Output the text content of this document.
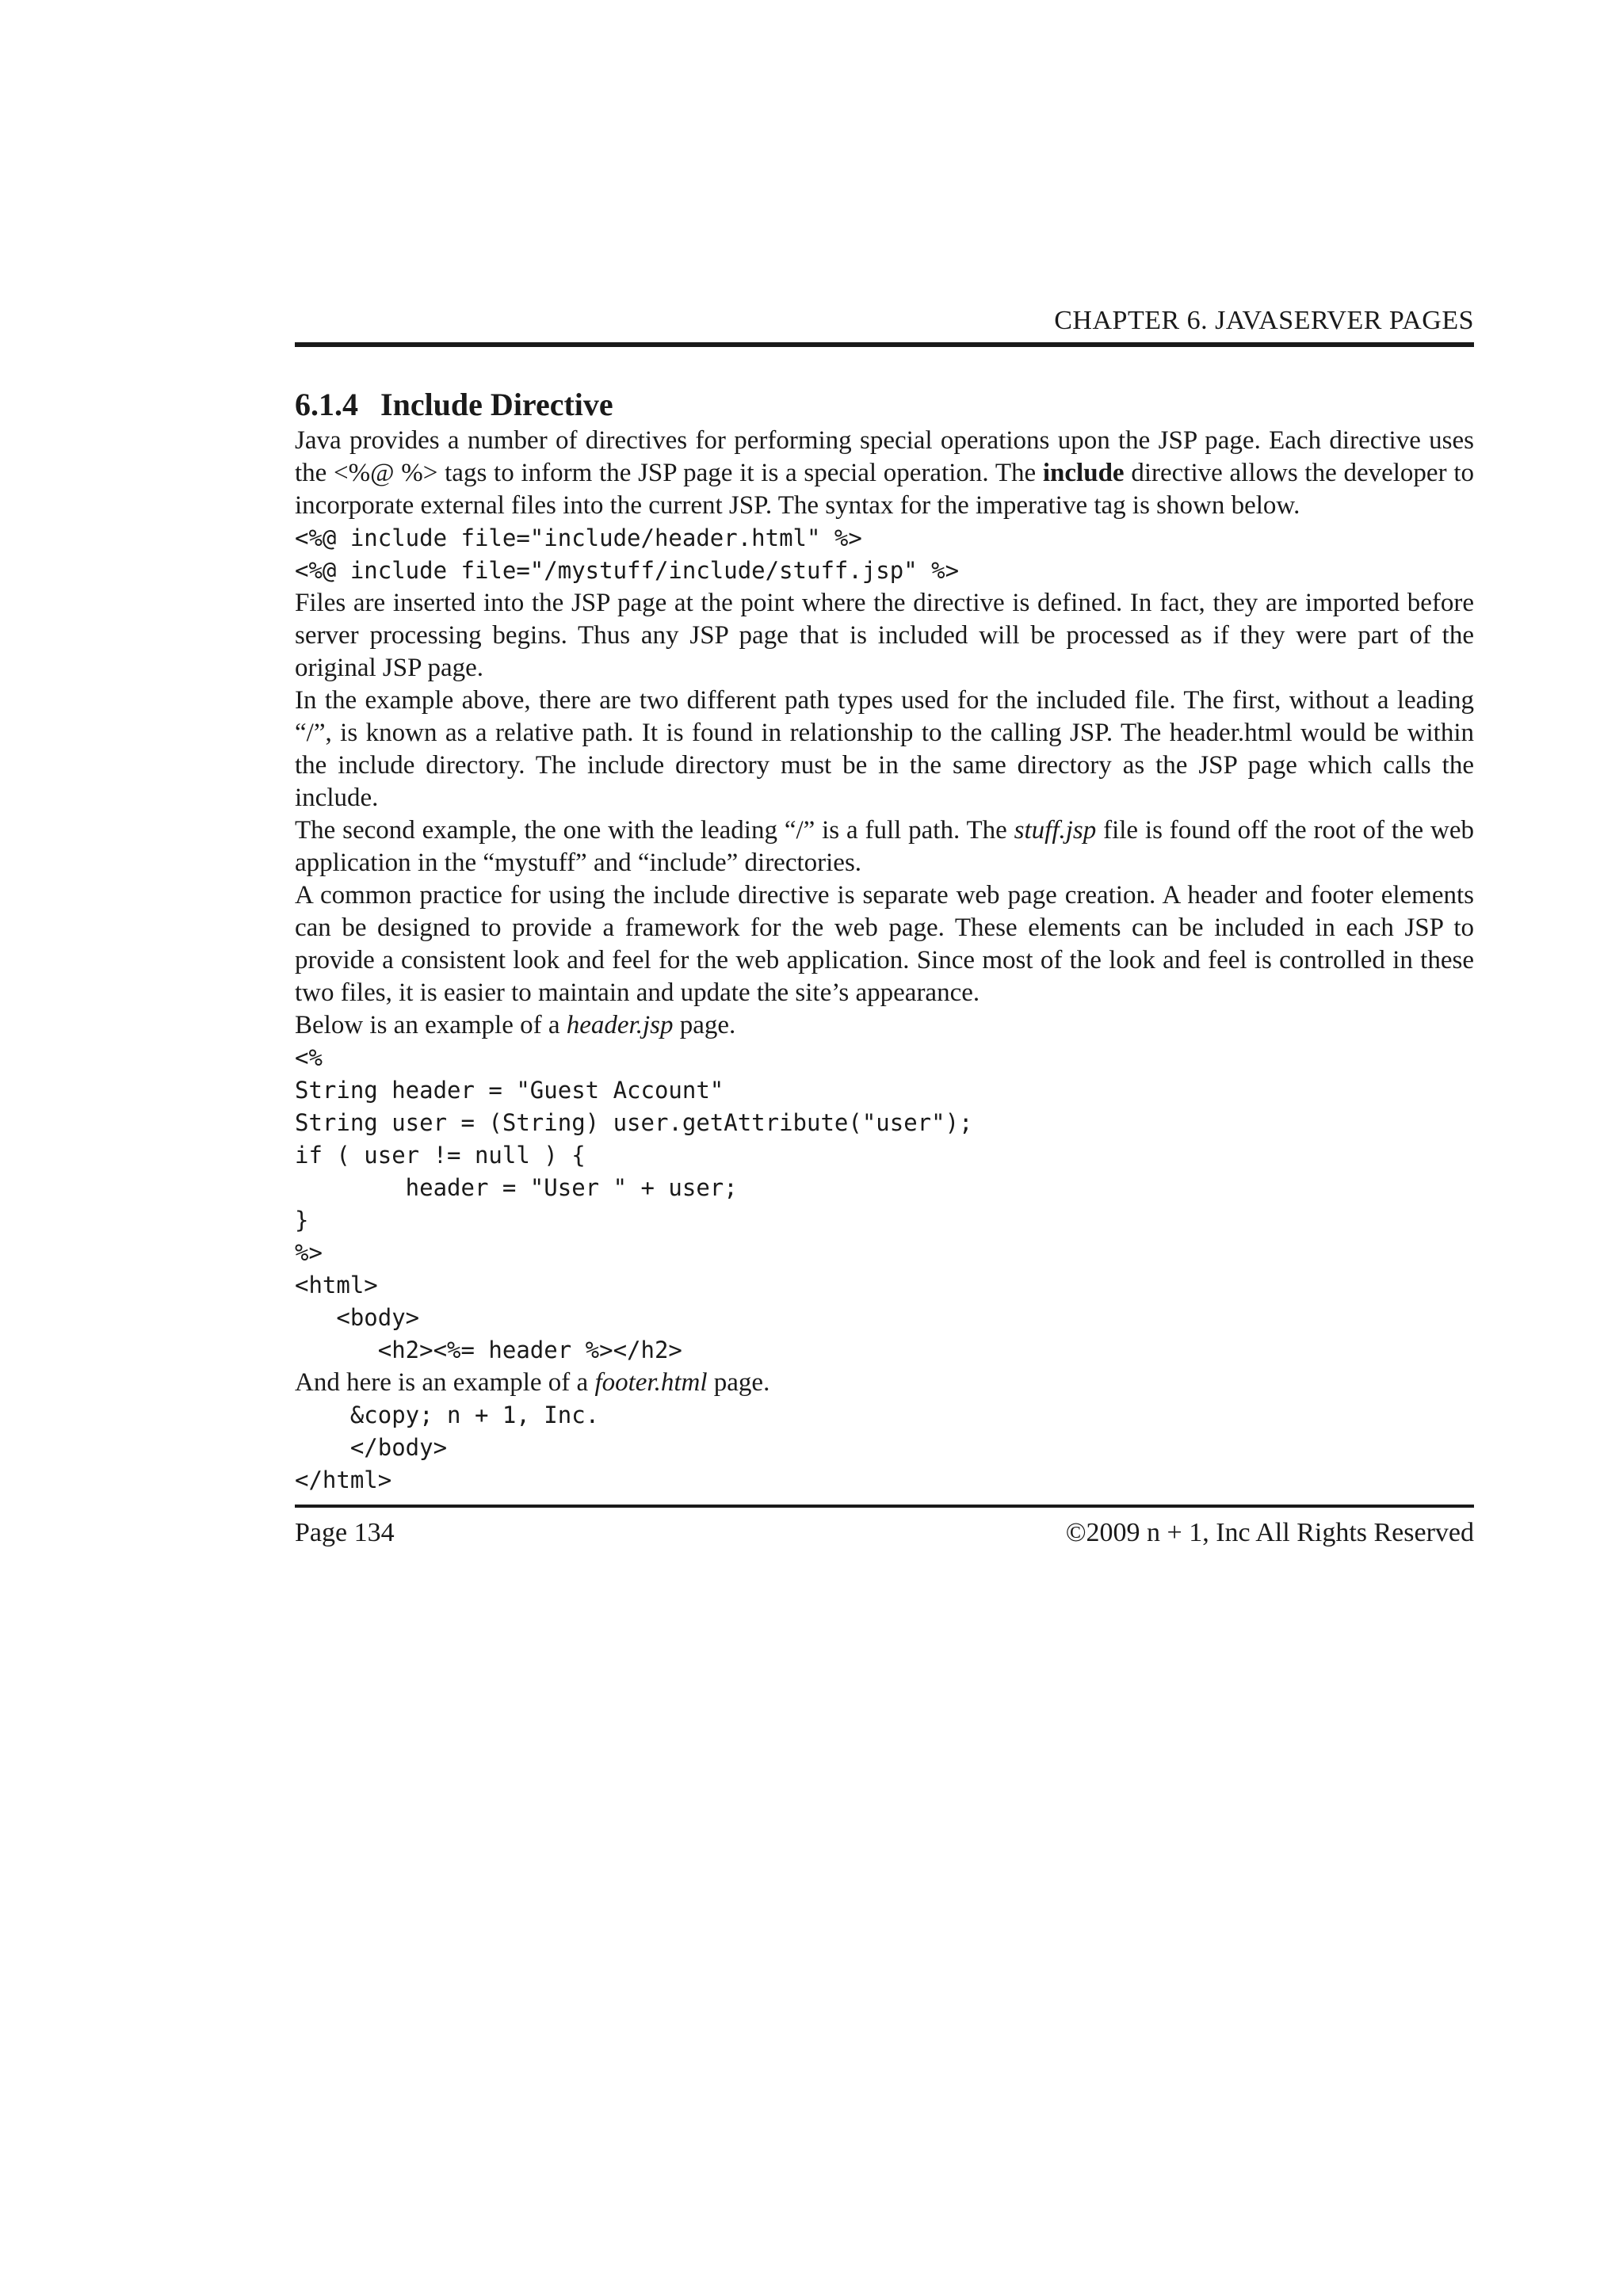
CHAPTER 6. JAVASERVER PAGES
6.1.4 Include Directive

Java provides a number of directives for performing special operations upon the JSP page. Each directive uses the <%@ %> tags to inform the JSP page it is a special operation. The include directive allows the developer to incorporate external files into the current JSP. The syntax for the imperative tag is shown below.

<%@ include file="include/header.html" %>
<%@ include file="/mystuff/include/stuff.jsp" %>

Files are inserted into the JSP page at the point where the directive is defined. In fact, they are imported before server processing begins. Thus any JSP page that is included will be processed as if they were part of the original JSP page.

In the example above, there are two different path types used for the included file. The first, without a leading “/”, is known as a relative path. It is found in relationship to the calling JSP. The header.html would be within the include directory. The include directory must be in the same directory as the JSP page which calls the include.

The second example, the one with the leading “/” is a full path. The stuff.jsp file is found off the root of the web application in the “mystuff” and “include” directories.

A common practice for using the include directive is separate web page creation. A header and footer elements can be designed to provide a framework for the web page. These elements can be included in each JSP to provide a consistent look and feel for the web application. Since most of the look and feel is controlled in these two files, it is easier to maintain and update the site’s appearance.

Below is an example of a header.jsp page.

<%
String header = "Guest Account"
String user = (String) user.getAttribute("user");
if ( user != null ) {
header = "User " + user;
}
%>
<html>
<body>
<h2><%= header %></h2>

And here is an example of a footer.html page.

&copy; n + 1, Inc.
</body>
</html>
Page 134	©2009 n + 1, Inc All Rights Reserved
